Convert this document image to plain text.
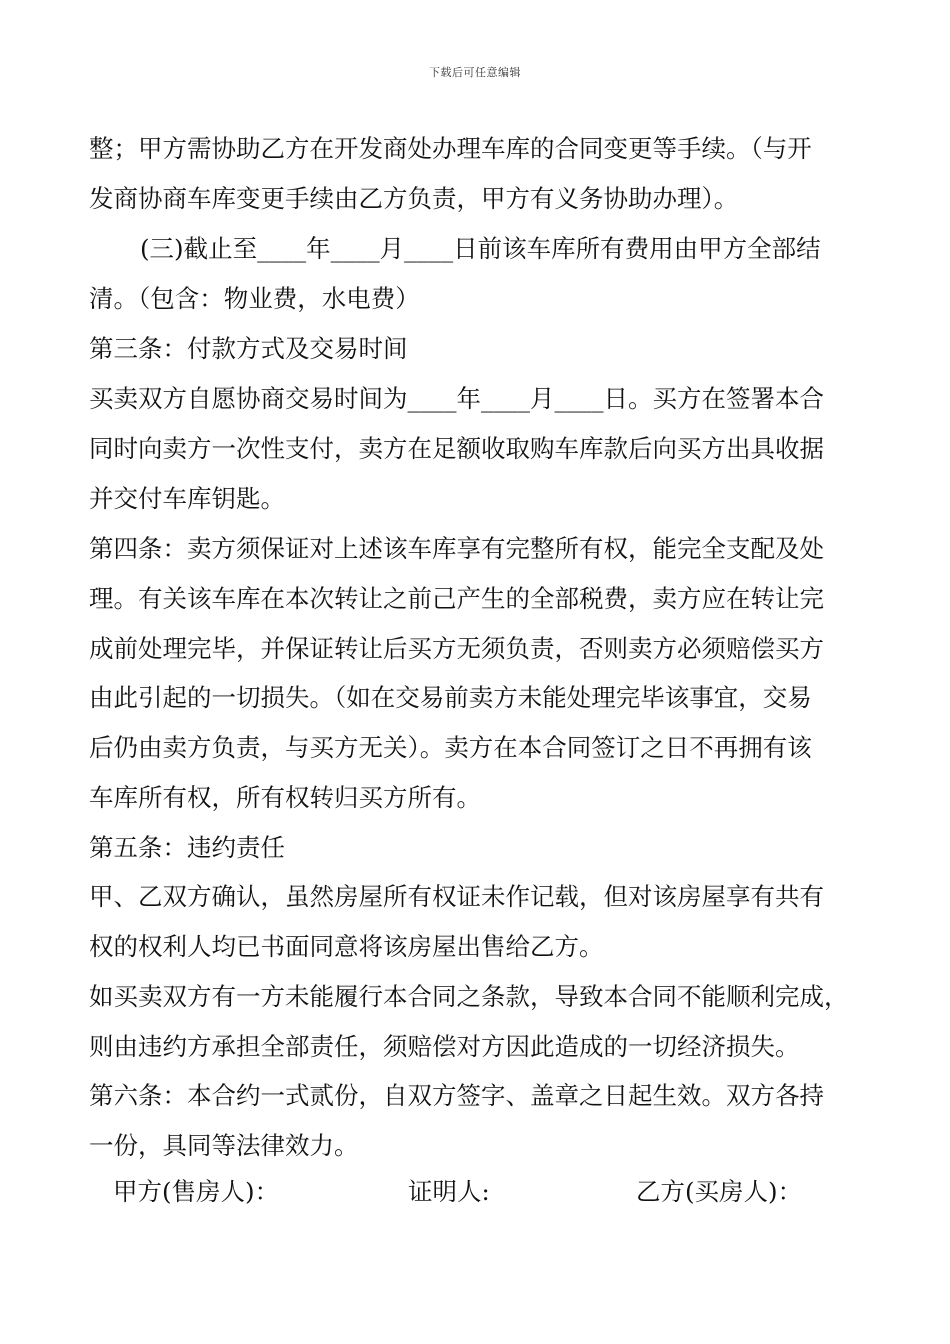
下载后可任意编辑
整；甲方需协助乙方在开发商处办理车库的合同变更等手续。（与开
发商协商车库变更手续由乙方负责，甲方有义务协助办理）。
(三)截止至____年____月____日前该车库所有费用由甲方全部结
清。（包含：物业费，水电费）
第三条：付款方式及交易时间
买卖双方自愿协商交易时间为____年____月____日。买方在签署本合
同时向卖方一次性支付，卖方在足额收取购车库款后向买方出具收据
并交付车库钥匙。
第四条：卖方须保证对上述该车库享有完整所有权，能完全支配及处
理。有关该车库在本次转让之前己产生的全部税费，卖方应在转让完
成前处理完毕，并保证转让后买方无须负责，否则卖方必须赔偿买方
由此引起的一切损失。（如在交易前卖方未能处理完毕该事宜，交易
后仍由卖方负责，与买方无关）。卖方在本合同签订之日不再拥有该
车库所有权，所有权转归买方所有。
第五条：违约责任
甲、乙双方确认，虽然房屋所有权证未作记载，但对该房屋享有共有
权的权利人均已书面同意将该房屋出售给乙方。
如买卖双方有一方未能履行本合同之条款，导致本合同不能顺利完成，
则由违约方承担全部责任，须赔偿对方因此造成的一切经济损失。
第六条：本合约一式贰份，自双方签字、盖章之日起生效。双方各持
一份，具同等法律效力。
甲方(售房人)：	证明人:	乙方(买房人)：
